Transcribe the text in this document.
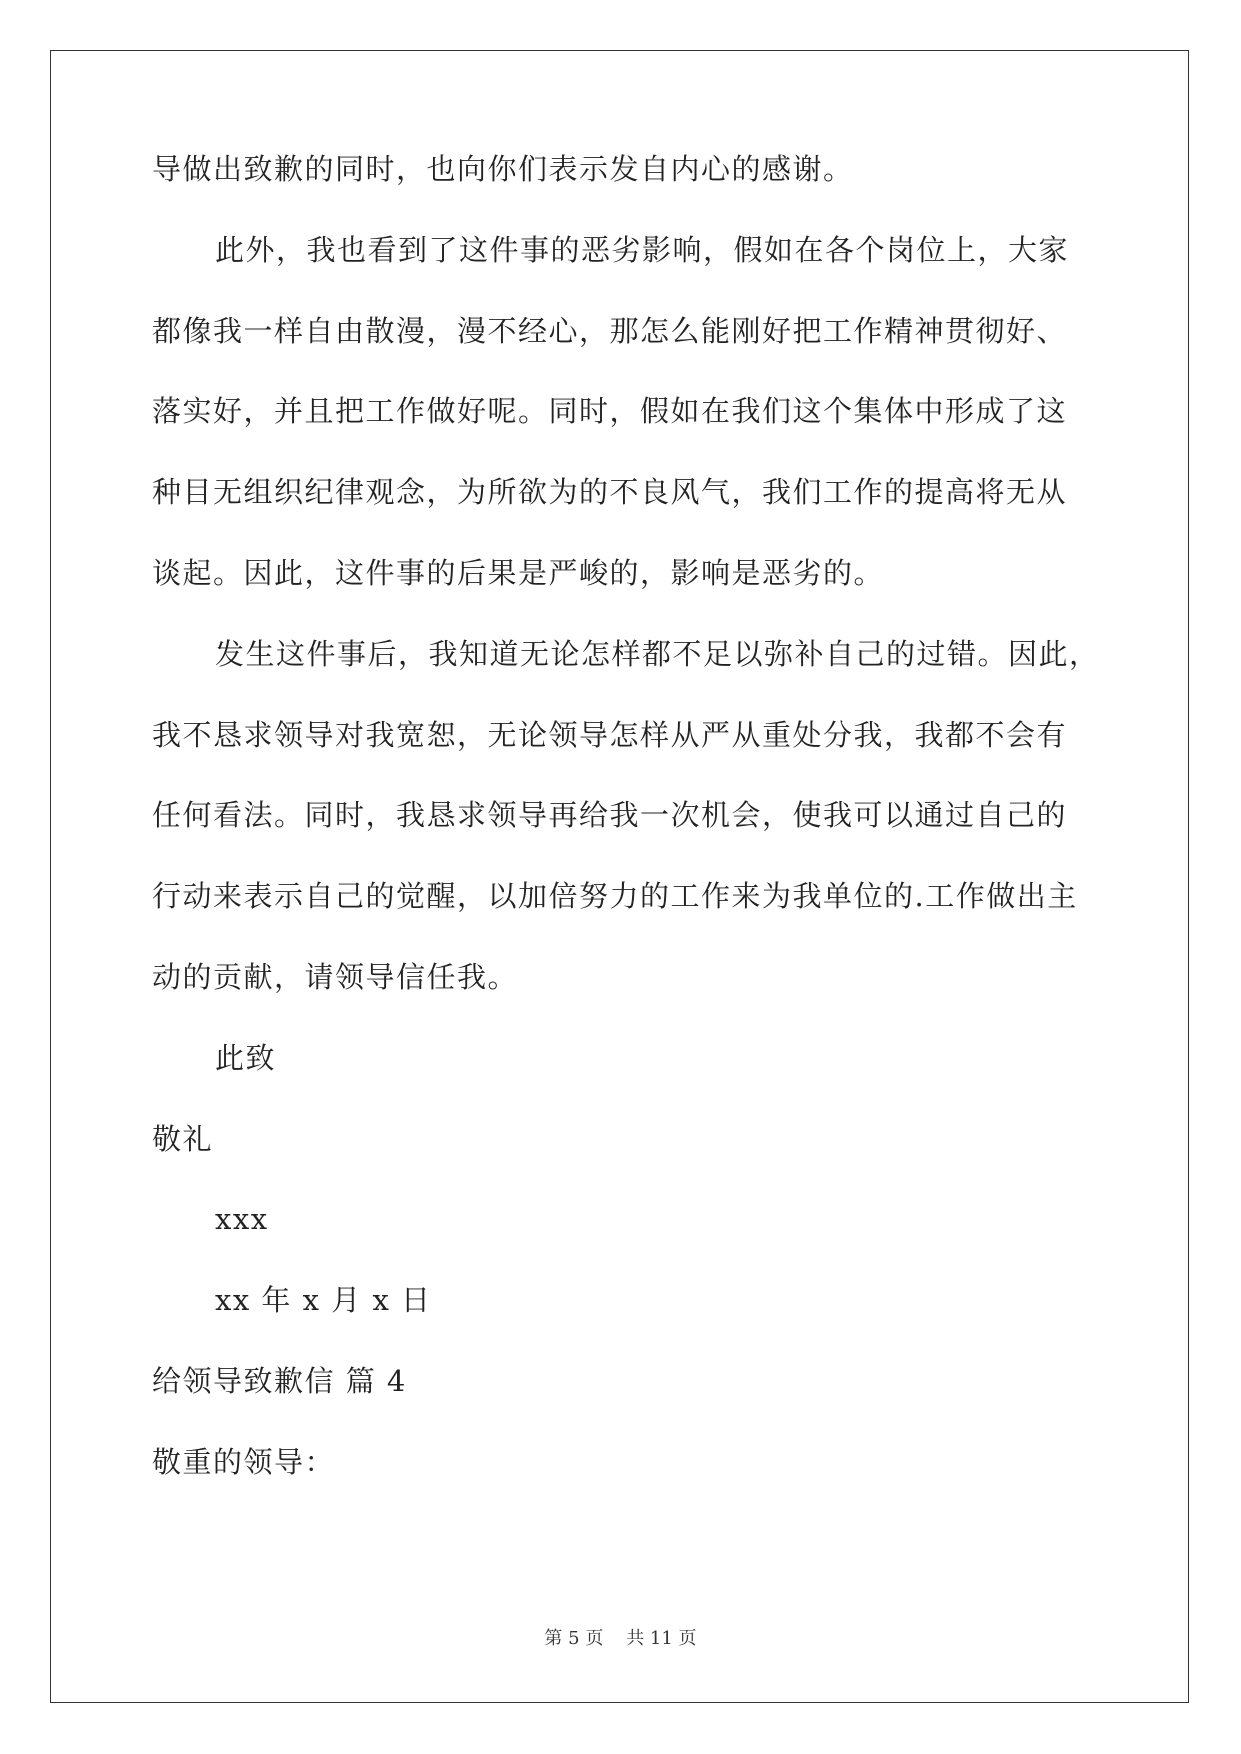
导做出致歉的同时，也向你们表示发自内心的感谢。

此外，我也看到了这件事的恶劣影响，假如在各个岗位上，大家

都像我一样自由散漫，漫不经心，那怎么能刚好把工作精神贯彻好、

落实好，并且把工作做好呢。同时，假如在我们这个集体中形成了这

种目无组织纪律观念，为所欲为的不良风气，我们工作的提高将无从

谈起。因此，这件事的后果是严峻的，影响是恶劣的。

发生这件事后，我知道无论怎样都不足以弥补自己的过错。因此，

我不恳求领导对我宽恕，无论领导怎样从严从重处分我，我都不会有

任何看法。同时，我恳求领导再给我一次机会，使我可以通过自己的

行动来表示自己的觉醒，以加倍努力的工作来为我单位的.工作做出主

动的贡献，请领导信任我。

此致

敬礼

xxx

xx 年 x 月 x 日

给领导致歉信 篇 4

敬重的领导：

第 5 页    共 11 页
